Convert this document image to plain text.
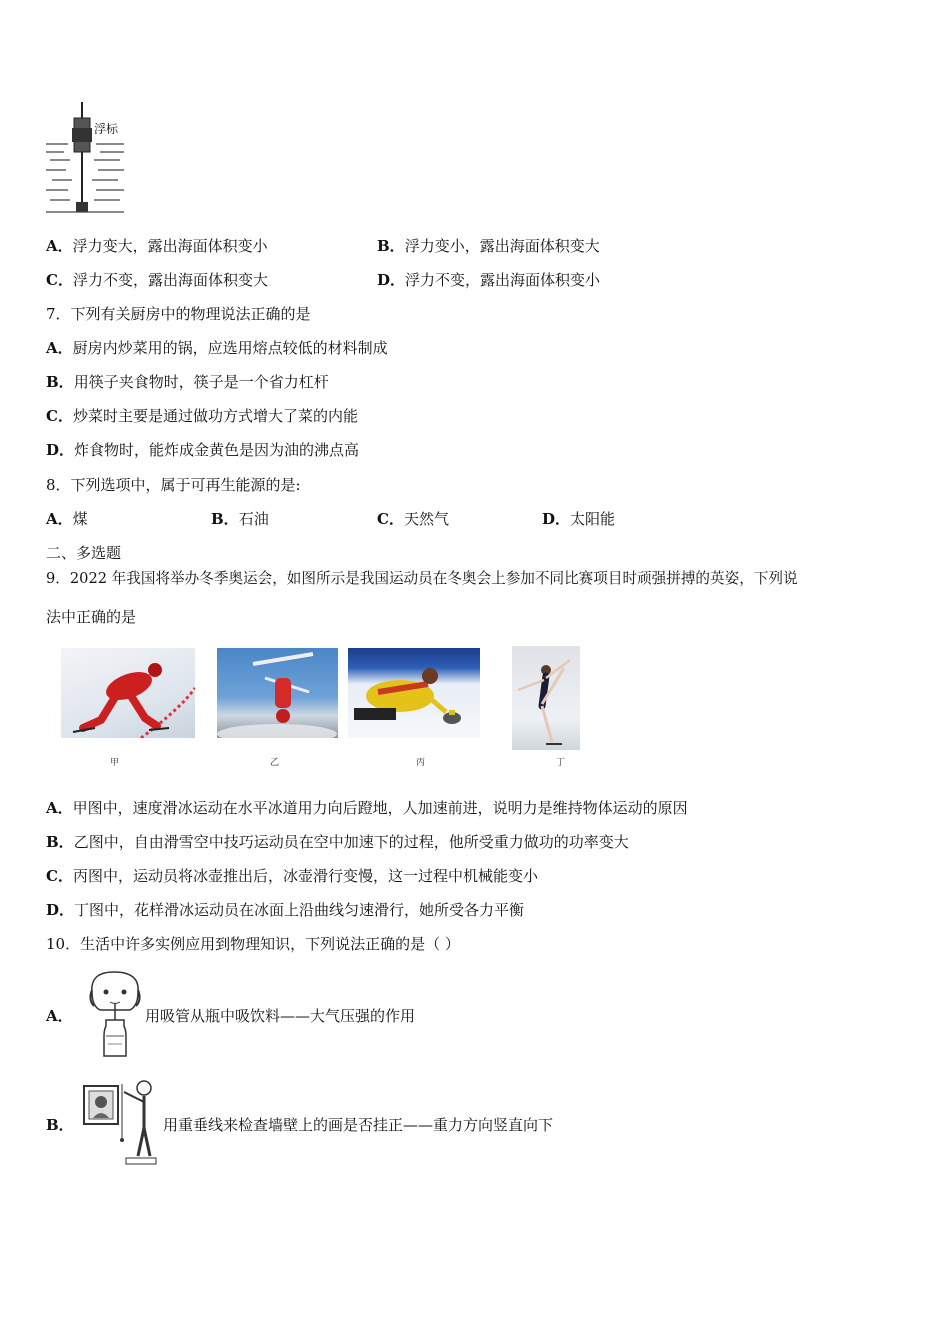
浮标
A．浮力变大，露出海面体积变小	B．浮力变小，露出海面体积变大
C．浮力不变，露出海面体积变大	D．浮力不变，露出海面体积变小
7．下列有关厨房中的物理说法正确的是
A．厨房内炒菜用的锅，应选用熔点较低的材料制成
B．用筷子夹食物时，筷子是一个省力杠杆
C．炒菜时主要是通过做功方式增大了菜的内能
D．炸食物时，能炸成金黄色是因为油的沸点高
8．下列选项中，属于可再生能源的是:
A．煤	B．石油	C．天然气	D．太阳能
二、多选题
9．2022 年我国将举办冬季奥运会，如图所示是我国运动员在冬奥会上参加不同比赛项目时顽强拼搏的英姿，下列说
法中正确的是
甲	乙	丙	丁
A．甲图中，速度滑冰运动在水平冰道用力向后蹬地，人加速前进，说明力是维持物体运动的原因
B．乙图中，自由滑雪空中技巧运动员在空中加速下的过程，他所受重力做功的功率变大
C．丙图中，运动员将冰壶推出后，冰壶滑行变慢，这一过程中机械能变小
D．丁图中，花样滑冰运动员在冰面上沿曲线匀速滑行，她所受各力平衡
10．生活中许多实例应用到物理知识，下列说法正确的是（ ）
A．	用吸管从瓶中吸饮料——大气压强的作用
B．	用重垂线来检查墙壁上的画是否挂正——重力方向竖直向下
